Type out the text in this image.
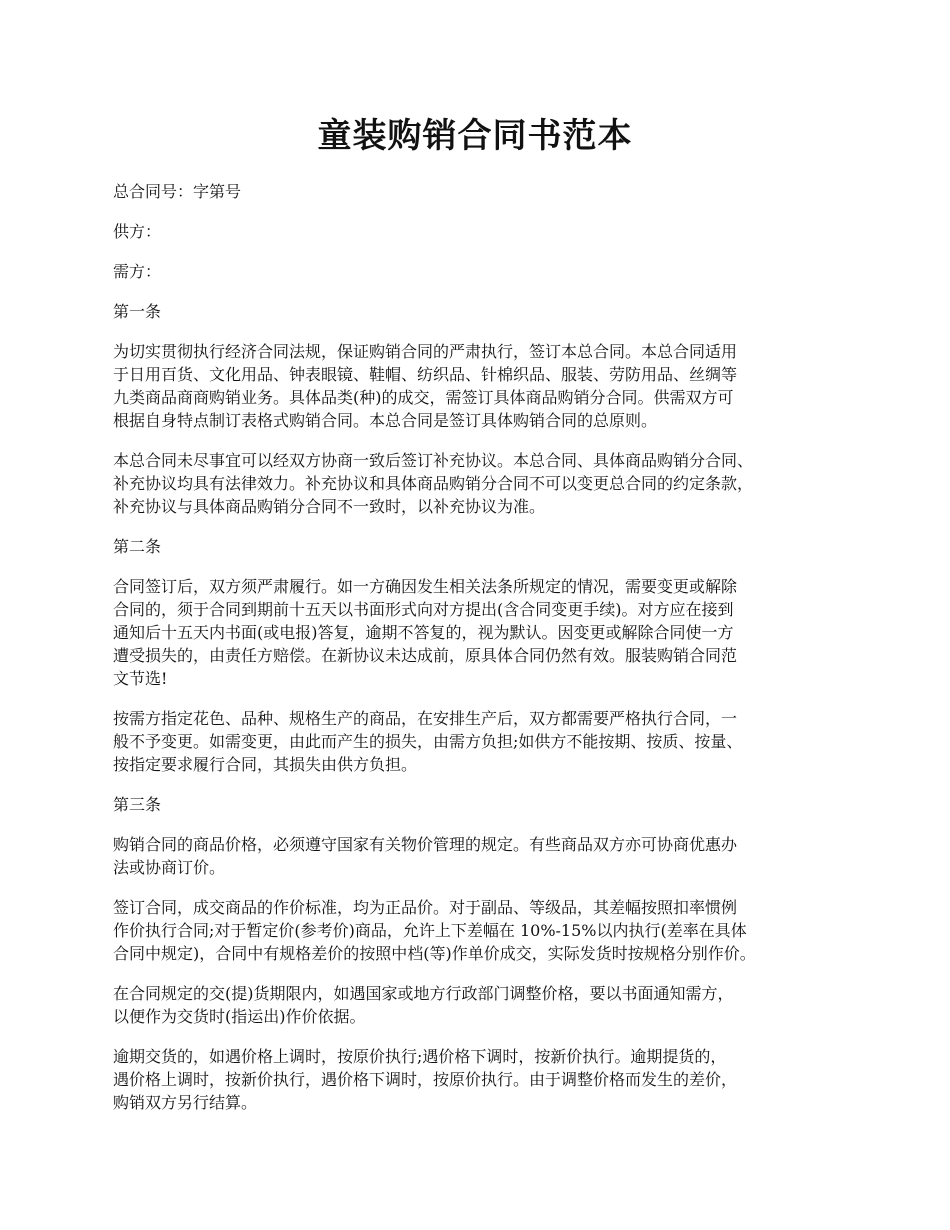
童装购销合同书范本

总合同号：字第号

供方：

需方：

第一条

为切实贯彻执行经济合同法规，保证购销合同的严肃执行，签订本总合同。本总合同适用
于日用百货、文化用品、钟表眼镜、鞋帽、纺织品、针棉织品、服装、劳防用品、丝绸等
九类商品商商购销业务。具体品类(种)的成交，需签订具体商品购销分合同。供需双方可
根据自身特点制订表格式购销合同。本总合同是签订具体购销合同的总原则。

本总合同未尽事宜可以经双方协商一致后签订补充协议。本总合同、具体商品购销分合同、
补充协议均具有法律效力。补充协议和具体商品购销分合同不可以变更总合同的约定条款，
补充协议与具体商品购销分合同不一致时，以补充协议为准。

第二条

合同签订后，双方须严肃履行。如一方确因发生相关法条所规定的情况，需要变更或解除
合同的，须于合同到期前十五天以书面形式向对方提出(含合同变更手续)。对方应在接到
通知后十五天内书面(或电报)答复，逾期不答复的，视为默认。因变更或解除合同使一方
遭受损失的，由责任方赔偿。在新协议未达成前，原具体合同仍然有效。服装购销合同范
文节选!

按需方指定花色、品种、规格生产的商品，在安排生产后，双方都需要严格执行合同，一
般不予变更。如需变更，由此而产生的损失，由需方负担;如供方不能按期、按质、按量、
按指定要求履行合同，其损失由供方负担。

第三条

购销合同的商品价格，必须遵守国家有关物价管理的规定。有些商品双方亦可协商优惠办
法或协商订价。

签订合同，成交商品的作价标准，均为正品价。对于副品、等级品，其差幅按照扣率惯例
作价执行合同;对于暂定价(参考价)商品，允许上下差幅在 10%-15%以内执行(差率在具体
合同中规定)，合同中有规格差价的按照中档(等)作单价成交，实际发货时按规格分别作价。

在合同规定的交(提)货期限内，如遇国家或地方行政部门调整价格，要以书面通知需方，
以便作为交货时(指运出)作价依据。

逾期交货的，如遇价格上调时，按原价执行;遇价格下调时，按新价执行。逾期提货的，
遇价格上调时，按新价执行，遇价格下调时，按原价执行。由于调整价格而发生的差价，
购销双方另行结算。
